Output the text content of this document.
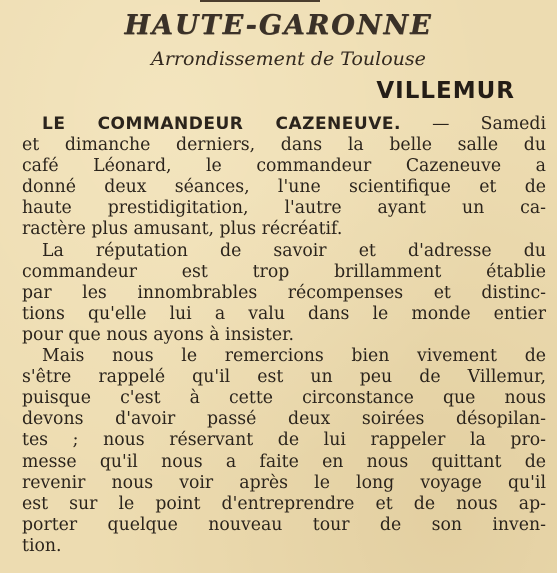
HAUTE-GARONNE
Arrondissement de Toulouse
VILLEMUR
LE COMMANDEUR CAZENEUVE. — Samedi
et dimanche derniers, dans la belle salle du
café Léonard, le commandeur Cazeneuve a
donné deux séances, l'une scientifique et de
haute prestidigitation, l'autre ayant un ca-
ractère plus amusant, plus récréatif.
La réputation de savoir et d'adresse du
commandeur est trop brillamment établie
par les innombrables récompenses et distinc-
tions qu'elle lui a valu dans le monde entier
pour que nous ayons à insister.
Mais nous le remercions bien vivement de
s'être rappelé qu'il est un peu de Villemur,
puisque c'est à cette circonstance que nous
devons d'avoir passé deux soirées désopilan-
tes ; nous réservant de lui rappeler la pro-
messe qu'il nous a faite en nous quittant de
revenir nous voir après le long voyage qu'il
est sur le point d'entreprendre et de nous ap-
porter quelque nouveau tour de son inven-
tion.
